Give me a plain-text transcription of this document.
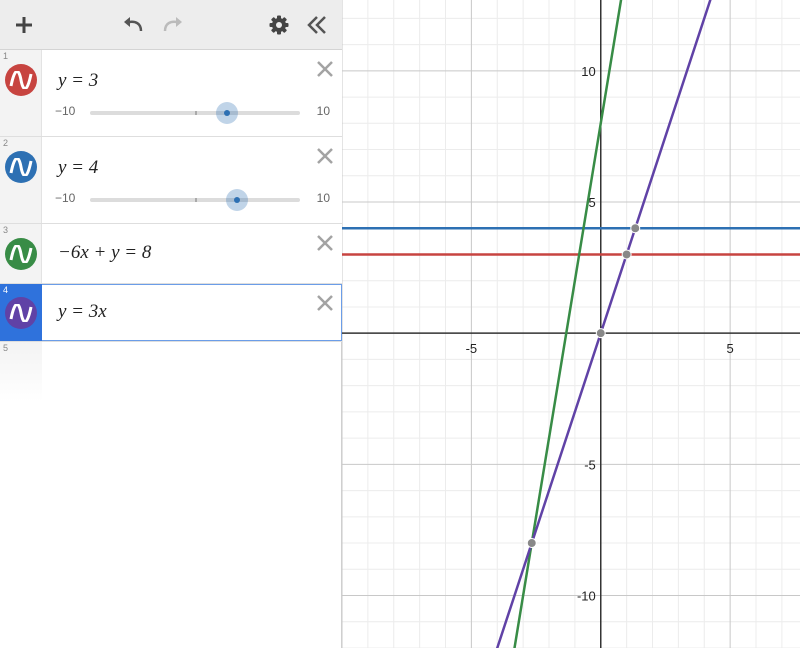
1
y = 3
−10	10
2
y = 4
−10	10
3
−6x + y = 8
4
y = 3x
5	-5	5
10
5
-5
-10
